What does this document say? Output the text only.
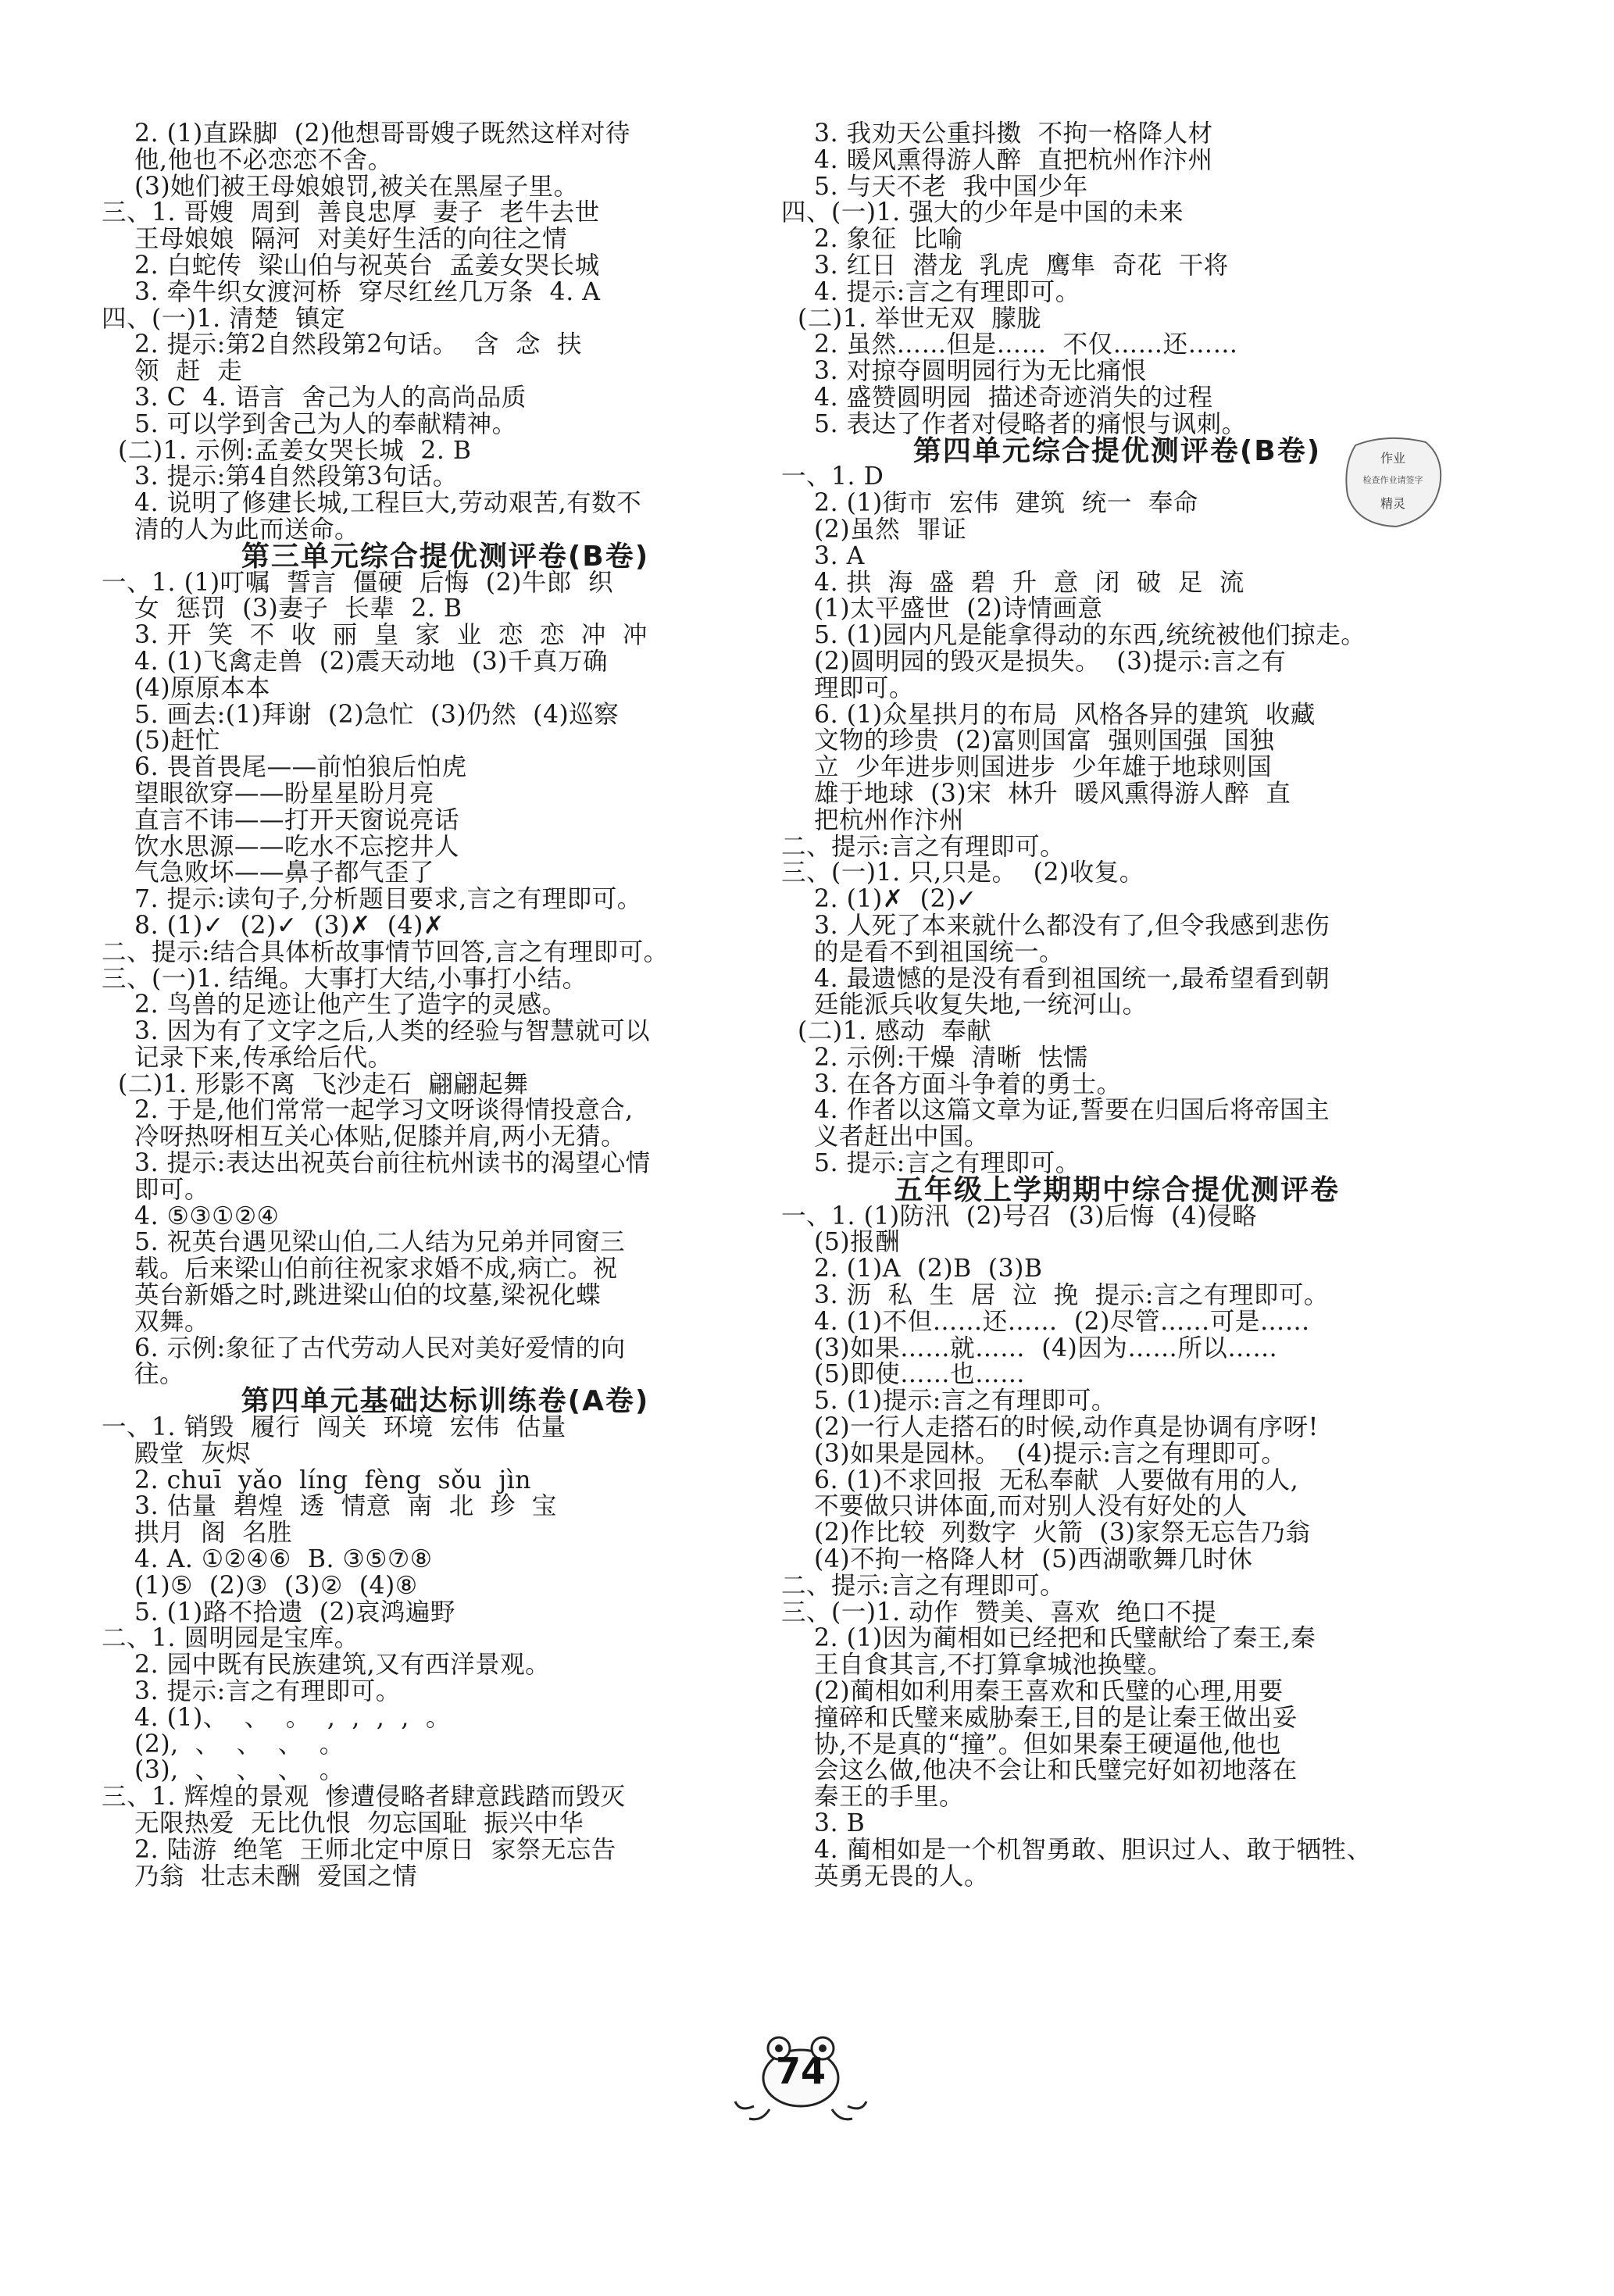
2. (1)直跺脚  (2)他想哥哥嫂子既然这样对待
他,他也不必恋恋不舍。
(3)她们被王母娘娘罚,被关在黑屋子里。
三、1. 哥嫂  周到  善良忠厚  妻子  老牛去世
王母娘娘  隔河  对美好生活的向往之情
2. 白蛇传  梁山伯与祝英台  孟姜女哭长城
3. 牵牛织女渡河桥  穿尽红丝几万条  4. A
四、(一)1. 清楚  镇定
2. 提示:第2自然段第2句话。  含  念  扶
领  赶  走
3. C  4. 语言  舍己为人的高尚品质
5. 可以学到舍己为人的奉献精神。
(二)1. 示例:孟姜女哭长城  2. B
3. 提示:第4自然段第3句话。
4. 说明了修建长城,工程巨大,劳动艰苦,有数不
清的人为此而送命。
第三单元综合提优测评卷(B卷)
一、1. (1)叮嘱  誓言  僵硬  后悔  (2)牛郎  织
女  惩罚  (3)妻子  长辈  2. B
3. 开  笑  不  收  丽  皇  家  业  恋  恋  冲  冲
4. (1)飞禽走兽  (2)震天动地  (3)千真万确
(4)原原本本
5. 画去:(1)拜谢  (2)急忙  (3)仍然  (4)巡察
(5)赶忙
6. 畏首畏尾——前怕狼后怕虎
望眼欲穿——盼星星盼月亮
直言不讳——打开天窗说亮话
饮水思源——吃水不忘挖井人
气急败坏——鼻子都气歪了
7. 提示:读句子,分析题目要求,言之有理即可。
8. (1)✓  (2)✓  (3)✗  (4)✗
二、提示:结合具体析故事情节回答,言之有理即可。
三、(一)1. 结绳。大事打大结,小事打小结。
2. 鸟兽的足迹让他产生了造字的灵感。
3. 因为有了文字之后,人类的经验与智慧就可以
记录下来,传承给后代。
(二)1. 形影不离  飞沙走石  翩翩起舞
2. 于是,他们常常一起学习文呀谈得情投意合,
冷呀热呀相互关心体贴,促膝并肩,两小无猜。
3. 提示:表达出祝英台前往杭州读书的渴望心情
即可。
4. ⑤③①②④
5. 祝英台遇见梁山伯,二人结为兄弟并同窗三
载。后来梁山伯前往祝家求婚不成,病亡。祝
英台新婚之时,跳进梁山伯的坟墓,梁祝化蝶
双舞。
6. 示例:象征了古代劳动人民对美好爱情的向
往。
第四单元基础达标训练卷(A卷)
一、1. 销毁  履行  闯关  环境  宏伟  估量
殿堂  灰烬
2. chuī  yǎo  líng  fèng  sǒu  jìn
3. 估量  碧煌  透  情意  南  北  珍  宝
拱月  阁  名胜
4. A. ①②④⑥  B. ③⑤⑦⑧
(1)⑤  (2)③  (3)②  (4)⑧
5. (1)路不拾遗  (2)哀鸿遍野
二、1. 圆明园是宝库。
2. 园中既有民族建筑,又有西洋景观。
3. 提示:言之有理即可。
4. (1)、  、  。  ,  ,  ,  ,  。
(2),  、  、  、  。
(3),  、  、  、  。
三、1. 辉煌的景观  惨遭侵略者肆意践踏而毁灭
无限热爱  无比仇恨  勿忘国耻  振兴中华
2. 陆游  绝笔  王师北定中原日  家祭无忘告
乃翁  壮志未酬  爱国之情
3. 我劝天公重抖擞  不拘一格降人材
4. 暖风熏得游人醉  直把杭州作汴州
5. 与天不老  我中国少年
四、(一)1. 强大的少年是中国的未来
2. 象征  比喻
3. 红日  潜龙  乳虎  鹰隼  奇花  干将
4. 提示:言之有理即可。
(二)1. 举世无双  朦胧
2. 虽然……但是……  不仅……还……
3. 对掠夺圆明园行为无比痛恨
4. 盛赞圆明园  描述奇迹消失的过程
5. 表达了作者对侵略者的痛恨与讽刺。
第四单元综合提优测评卷(B卷)
一、1. D
2. (1)街市  宏伟  建筑  统一  奉命
(2)虽然  罪证
3. A
4. 拱  海  盛  碧  升  意  闭  破  足  流
(1)太平盛世  (2)诗情画意
5. (1)园内凡是能拿得动的东西,统统被他们掠走。
(2)圆明园的毁灭是损失。  (3)提示:言之有
理即可。
6. (1)众星拱月的布局  风格各异的建筑  收藏
文物的珍贵  (2)富则国富  强则国强  国独
立  少年进步则国进步  少年雄于地球则国
雄于地球  (3)宋  林升  暖风熏得游人醉  直
把杭州作汴州
二、提示:言之有理即可。
三、(一)1. 只,只是。  (2)收复。
2. (1)✗  (2)✓
3. 人死了本来就什么都没有了,但令我感到悲伤
的是看不到祖国统一。
4. 最遗憾的是没有看到祖国统一,最希望看到朝
廷能派兵收复失地,一统河山。
(二)1. 感动  奉献
2. 示例:干燥  清晰  怯懦
3. 在各方面斗争着的勇士。
4. 作者以这篇文章为证,誓要在归国后将帝国主
义者赶出中国。
5. 提示:言之有理即可。
五年级上学期期中综合提优测评卷
一、1. (1)防汛  (2)号召  (3)后悔  (4)侵略
(5)报酬
2. (1)A  (2)B  (3)B
3. 沥  私  生  居  泣  挽  提示:言之有理即可。
4. (1)不但……还……  (2)尽管……可是……
(3)如果……就……  (4)因为……所以……
(5)即使……也……
5. (1)提示:言之有理即可。
(2)一行人走搭石的时候,动作真是协调有序呀!
(3)如果是园林。  (4)提示:言之有理即可。
6. (1)不求回报  无私奉献  人要做有用的人,
不要做只讲体面,而对别人没有好处的人
(2)作比较  列数字  火箭  (3)家祭无忘告乃翁
(4)不拘一格降人材  (5)西湖歌舞几时休
二、提示:言之有理即可。
三、(一)1. 动作  赞美、喜欢  绝口不提
2. (1)因为蔺相如已经把和氏璧献给了秦王,秦
王自食其言,不打算拿城池换璧。
(2)蔺相如利用秦王喜欢和氏璧的心理,用要
撞碎和氏璧来威胁秦王,目的是让秦王做出妥
协,不是真的“撞”。但如果秦王硬逼他,他也
会这么做,他决不会让和氏璧完好如初地落在
秦王的手里。
3. B
4. 蔺相如是一个机智勇敢、胆识过人、敢于牺牲、
英勇无畏的人。
作业
检查作业请签字
精灵
74
